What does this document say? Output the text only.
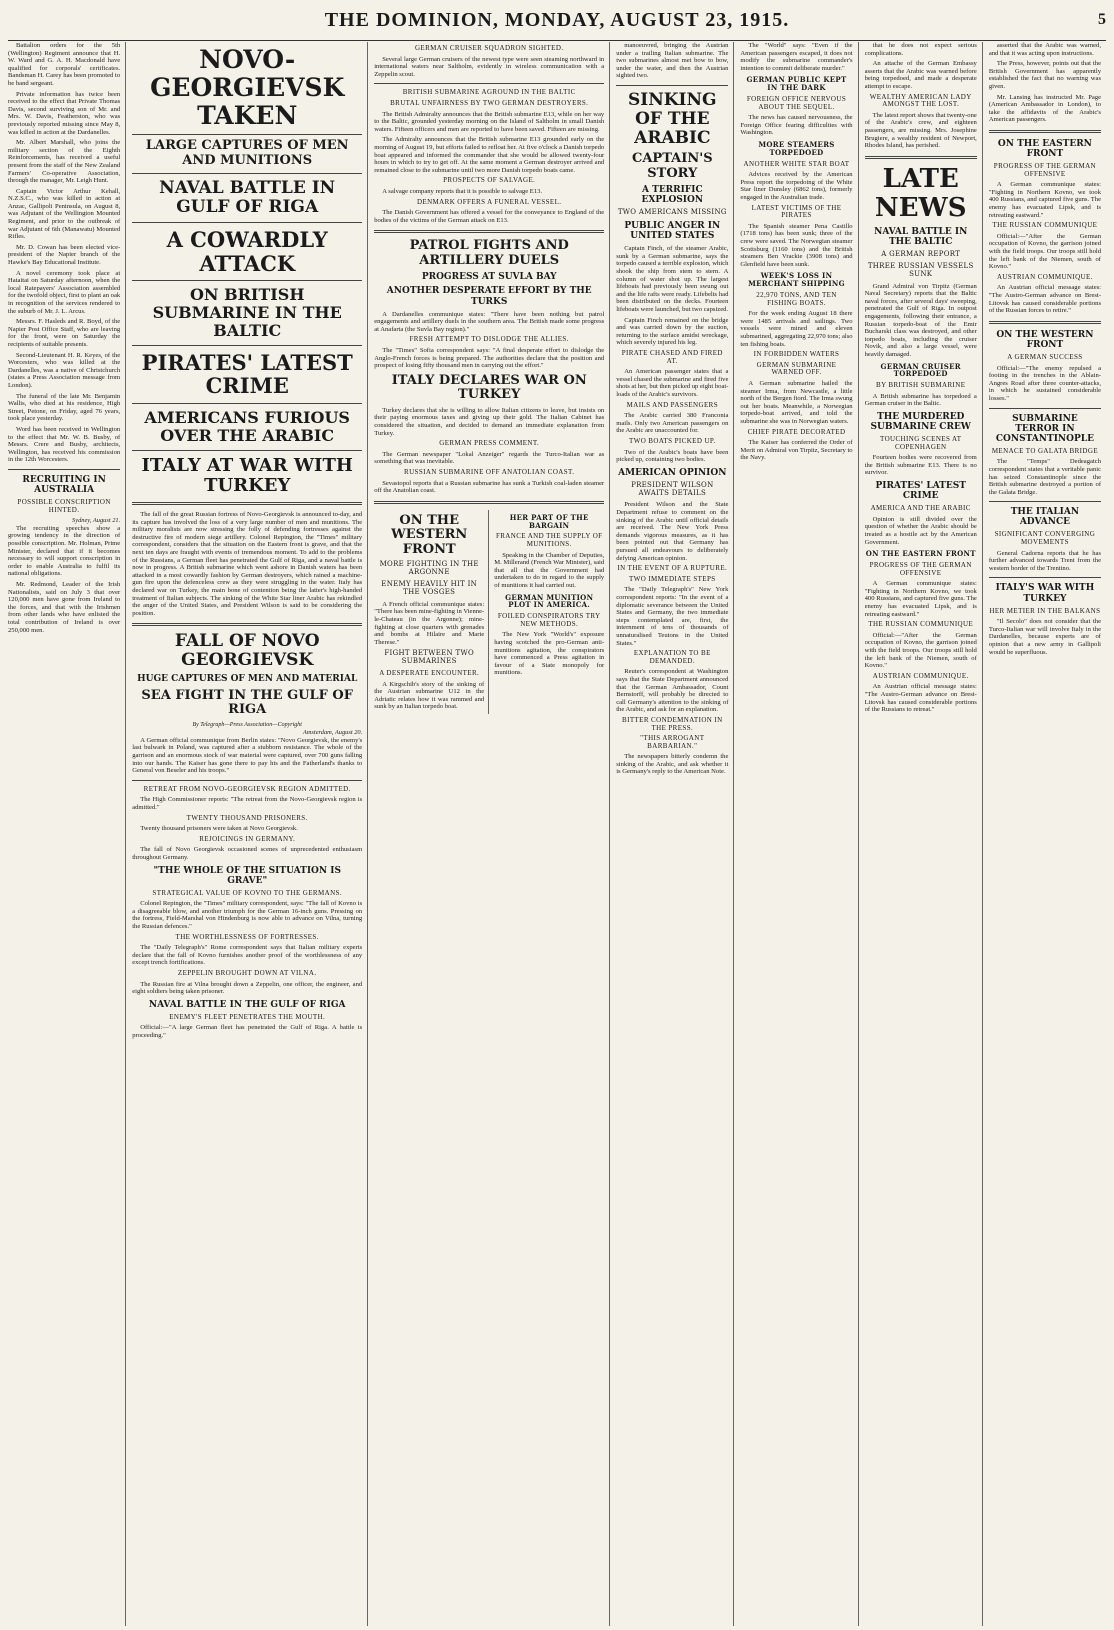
THE DOMINION, MONDAY, AUGUST 23, 1915.	5

Battalion orders for the 5th (Wellington) Regiment announce that H. W. Ward and G. A. H. Macdonald have qualified for corporals' certificates. Bandsman H. Carey has been promoted to be band sergeant.

Private information has twice been received to the effect that Private Thomas Davis, second surviving son of Mr. and Mrs. W. Davis, Featherston, who was previously reported missing since May 8, was killed in action at the Dardanelles.

Mr. Albert Marshall, who joins the military section of the Eighth Reinforcements, has received a useful present from the staff of the New Zealand Farmers' Co-operative Association, through the manager, Mr. Leigh Hunt.

Captain Victor Arthur Kehall, N.Z.S.C., who was killed in action at Anzac, Gallipoli Peninsula, on August 8, was Adjutant of the Wellington Mounted Regiment, and prior to the outbreak of war Adjutant of 6th (Manawatu) Mounted Rifles.

Mr. D. Cowan has been elected vice-president of the Napier branch of the Hawke's Bay Educational Institute.

A novel ceremony took place at Hataitai on Saturday afternoon, when the local Ratepayers' Association assembled for the twofold object, first to plant an oak in recognition of the services rendered to the suburb of Mr. J. L. Arcus.

Messrs. F. Hasleds and R. Boyd, of the Napier Post Office Staff, who are leaving for the front, were on Saturday the recipients of suitable presents.

Second-Lieutenant H. R. Keyes, of the Worcesters, who was killed at the Dardanelles, was a native of Christchurch (states a Press Association message from London).

The funeral of the late Mr. Benjamin Wallis, who died at his residence, High Street, Petone, on Friday, aged 76 years, took place yesterday.

Word has been received in Wellington to the effect that Mr. W. B. Busby, of Messrs. Crere and Busby, architects, Wellington, has received his commission in the 12th Worcesters.

RECRUITING IN AUSTRALIA
POSSIBLE CONSCRIPTION HINTED.
Sydney, August 21.

The recruiting speeches show a growing tendency in the direction of possible conscription. Mr. Holman, Prime Minister, declared that if it becomes necessary to will support conscription in order to enable Australia to fulfil its national obligations.

Mr. Redmond, Leader of the Irish Nationalists, said on July 3 that over 120,000 men have gone from Ireland to the forces, and that with the Irishmen from other lands who have enlisted the total contribution of Ireland is over 250,000 men.

NOVO-GEORGIEVSK TAKEN
LARGE CAPTURES OF MEN AND MUNITIONS
NAVAL BATTLE IN GULF OF RIGA
A COWARDLY ATTACK
ON BRITISH SUBMARINE IN THE BALTIC
PIRATES' LATEST CRIME
AMERICANS FURIOUS OVER THE ARABIC
ITALY AT WAR WITH TURKEY

The fall of the great Russian fortress of Novo-Georgievsk is announced to-day, and its capture has involved the loss of a very large number of men and munitions. The military moralists are now stressing the folly of defending fortresses against the destructive fire of modern siege artillery. Colonel Repington, the "Times" military correspondent, considers that the situation on the Eastern front is grave, and that the next ten days are fraught with events of tremendous moment. To add to the problems of the Russians, a German fleet has penetrated the Gulf of Riga, and a naval battle is now in progress. A British submarine which went ashore in Danish waters has been attacked in a most cowardly fashion by German destroyers, which rained a machine-gun fire upon the defenceless crew as they were struggling in the water. Italy has declared war on Turkey, the main bone of contention being the latter's high-handed treatment of Italian subjects. The sinking of the White Star liner Arabic has rekindled the anger of the United States, and President Wilson is said to be considering the position.

FALL OF NOVO GEORGIEVSK
HUGE CAPTURES OF MEN AND MATERIAL
SEA FIGHT IN THE GULF OF RIGA
By Telegraph—Press Association—Copyright
Amsterdam, August 20.

A German official communique from Berlin states: "Novo Georgievsk, the enemy's last bulwark in Poland, was captured after a stubborn resistance. The whole of the garrison and an enormous stock of war material were captured, over 700 guns falling into our hands. The Kaiser has gone there to pay his and the Fatherland's thanks to General von Beseler and his troops."

RETREAT FROM NOVO-GEORGIEVSK REGION ADMITTED.

The High Commissioner reports: "The retreat from the Novo-Georgievsk region is admitted."

TWENTY THOUSAND PRISONERS.

Twenty thousand prisoners were taken at Novo Georgievsk.

REJOICINGS IN GERMANY.

The fall of Novo Georgievsk occasioned scenes of unprecedented enthusiasm throughout Germany.

"THE WHOLE OF THE SITUATION IS GRAVE"
STRATEGICAL VALUE OF KOVNO TO THE GERMANS.

Colonel Repington, the "Times" military correspondent, says: "The fall of Kovno is a disagreeable blow, and another triumph for the German 16-inch guns. Pressing on the fortress, Field-Marshal von Hindenburg is now able to advance on Vilna, turning the Russian defences."

THE WORTHLESSNESS OF FORTRESSES.

The "Daily Telegraph's" Rome correspondent says that Italian military experts declare that the fall of Kovno furnishes another proof of the worthlessness of any except trench fortifications.

ZEPPELIN BROUGHT DOWN AT VILNA.

The Russian fire at Vilna brought down a Zeppelin, one officer, the engineer, and eight soldiers being taken prisoner.

NAVAL BATTLE IN THE GULF OF RIGA
ENEMY'S FLEET PENETRATES THE MOUTH.

Official:—"A large German fleet has penetrated the Gulf of Riga. A battle is proceeding."

GERMAN CRUISER SQUADRON SIGHTED.

Several large German cruisers of the newest type were seen steaming northward in international waters near Saltholm, evidently in wireless communication with a Zeppelin scout.

BRITISH SUBMARINE AGROUND IN THE BALTIC
BRUTAL UNFAIRNESS BY TWO GERMAN DESTROYERS.

The British Admiralty announces that the British submarine E13, while on her way to the Baltic, grounded yesterday morning on the Island of Saltholm in small Danish waters. Fifteen officers and men are reported to have been saved. Fifteen are missing.

The Admiralty announces that the British submarine E13 grounded early on the morning of August 19, but efforts failed to refloat her. At five o'clock a Danish torpedo boat appeared and informed the commander that she would be allowed twenty-four hours in which to try to get off. At the same moment a German destroyer arrived and remained close to the submarine until two more Danish torpedo boats came.

PROSPECTS OF SALVAGE.

A salvage company reports that it is possible to salvage E13.

DENMARK OFFERS A FUNERAL VESSEL.

The Danish Government has offered a vessel for the conveyance to England of the bodies of the victims of the German attack on E13.

PATROL FIGHTS AND ARTILLERY DUELS
PROGRESS AT SUVLA BAY
ANOTHER DESPERATE EFFORT BY THE TURKS

A Dardanelles communique states: "There have been nothing but patrol engagements and artillery duels in the southern area. The British made some progress at Anafarta (the Suvla Bay region)."

FRESH ATTEMPT TO DISLODGE THE ALLIES.

The "Times" Sofia correspondent says: "A final desperate effort to dislodge the Anglo-French forces is being prepared. The authorities declare that the position and prospect of losing fifty thousand men in carrying out the effort."

ITALY DECLARES WAR ON TURKEY

Turkey declares that she is willing to allow Italian citizens to leave, but insists on their paying enormous taxes and giving up their gold. The Italian Cabinet has considered the situation, and decided to demand an immediate explanation from Turkey.

GERMAN PRESS COMMENT.

The German newspaper "Lokal Anzeiger" regards the Turco-Italian war as something that was inevitable.

RUSSIAN SUBMARINE OFF ANATOLIAN COAST.

Sevastopol reports that a Russian submarine has sunk a Turkish coal-laden steamer off the Anatolian coast.

ON THE WESTERN FRONT
MORE FIGHTING IN THE ARGONNE
ENEMY HEAVILY HIT IN THE VOSGES

A French official communique states: "There has been mine-fighting in Vienne-le-Chateau (in the Argonne); mine-fighting at close quarters with grenades and bombs at Hilaire and Marie Therese."

FIGHT BETWEEN TWO SUBMARINES
A DESPERATE ENCOUNTER.

A Kirgschib's story of the sinking of the Austrian submarine U12 in the Adriatic relates how it was rammed and sunk by an Italian torpedo boat.

HER PART OF THE BARGAIN
FRANCE AND THE SUPPLY OF MUNITIONS.

Speaking in the Chamber of Deputies, M. Millerand (French War Minister), said that all that the Government had undertaken to do in regard to the supply of munitions it had carried out.

GERMAN MUNITION PLOT IN AMERICA.
FOILED CONSPIRATORS TRY NEW METHODS.

The New York "World's" exposure having scotched the pro-German anti-munitions agitation, the conspirators have commenced a Press agitation in favour of a State monopoly for munitions.

manoeuvred, bringing the Austrian under a trailing Italian submarine. The two submarines almost met bow to bow, under the water, and then the Austrian sighted two.

SINKING OF THE ARABIC
CAPTAIN'S STORY
A TERRIFIC EXPLOSION
TWO AMERICANS MISSING
PUBLIC ANGER IN UNITED STATES

Captain Finch, of the steamer Arabic, sunk by a German submarine, says the torpedo caused a terrible explosion, which shook the ship from stem to stern. A column of water shot up. The largest lifeboats had previously been swung out and the life rafts were ready. Lifebelts had been distributed on the decks. Fourteen lifeboats were launched, but two capsized.

Captain Finch remained on the bridge and was carried down by the suction, returning to the surface amidst wreckage, which severely injured his leg.

PIRATE CHASED AND FIRED AT.

An American passenger states that a vessel chased the submarine and fired five shots at her, but then picked up eight boat-loads of the Arabic's survivors.

MAILS AND PASSENGERS

The Arabic carried 380 Franconia mails. Only two American passengers on the Arabic are unaccounted for.

TWO BOATS PICKED UP.

Two of the Arabic's boats have been picked up, containing two bodies.

AMERICAN OPINION
PRESIDENT WILSON AWAITS DETAILS

President Wilson and the State Department refuse to comment on the sinking of the Arabic until official details are received. The New York Press demands vigorous measures, as it has been pointed out that Germany has pursued all endeavours to deliberately defying American opinion.

IN THE EVENT OF A RUPTURE.
TWO IMMEDIATE STEPS

The "Daily Telegraph's" New York correspondent reports: "In the event of a diplomatic severance between the United States and Germany, the two immediate steps contemplated are, first, the internment of tens of thousands of unnaturalised Teutons in the United States."

EXPLANATION TO BE DEMANDED.

Reuter's correspondent at Washington says that the State Department announced that the German Ambassador, Count Bernstorff, will probably be directed to call Germany's attention to the sinking of the Arabic, and ask for an explanation.

BITTER CONDEMNATION IN THE PRESS.
"THIS ARROGANT BARBARIAN."

The newspapers bitterly condemn the sinking of the Arabic, and ask whether it is Germany's reply to the American Note.

The "World" says: "Even if the American passengers escaped, it does not modify the submarine commander's intention to commit deliberate murder."

GERMAN PUBLIC KEPT IN THE DARK
FOREIGN OFFICE NERVOUS ABOUT THE SEQUEL.

The news has caused nervousness, the Foreign Office fearing difficulties with Washington.

MORE STEAMERS TORPEDOED
ANOTHER WHITE STAR BOAT

Advices received by the American Press report the torpedoing of the White Star liner Dunsley (6862 tons), formerly engaged in the Australian trade.

LATEST VICTIMS OF THE PIRATES

The Spanish steamer Pena Castillo (1718 tons) has been sunk; three of the crew were saved. The Norwegian steamer Scottsburg (1160 tons) and the British steamers Ben Vrackie (3908 tons) and Glenfield have been sunk.

WEEK'S LOSS IN MERCHANT SHIPPING
22,970 TONS, AND TEN FISHING BOATS.

For the week ending August 18 there were 1485 arrivals and sailings. Two vessels were mined and eleven submarined, aggregating 22,970 tons; also ten fishing boats.

IN FORBIDDEN WATERS
GERMAN SUBMARINE WARNED OFF.

A German submarine hailed the steamer Irma, from Newcastle, a little north of the Bergen fiord. The Irma swung out her boats. Meanwhile, a Norwegian torpedo-boat arrived, and told the submarine she was in Norwegian waters.

CHIEF PIRATE DECORATED

The Kaiser has conferred the Order of Merit on Admiral von Tirpitz, Secretary to the Navy.

that he does not expect serious complications.

An attache of the German Embassy asserts that the Arabic was warned before being torpedoed, and made a desperate attempt to escape.

WEALTHY AMERICAN LADY AMONGST THE LOST.

The latest report shows that twenty-one of the Arabic's crew, and eighteen passengers, are missing. Mrs. Josephine Brugiere, a wealthy resident of Newport, Rhodes Island, has perished.

LATE NEWS
NAVAL BATTLE IN THE BALTIC
A GERMAN REPORT
THREE RUSSIAN VESSELS SUNK

Grand Admiral von Tirpitz (German Naval Secretary) reports that the Baltic naval forces, after several days' sweeping, penetrated the Gulf of Riga. In outpost engagements, following their entrance, a Russian torpedo-boat of the Emir Bucharski class was destroyed, and other torpedo boats, including the cruiser Novik, and also a large vessel, were heavily damaged.

GERMAN CRUISER TORPEDOED
BY BRITISH SUBMARINE

A British submarine has torpedoed a German cruiser in the Baltic.

THE MURDERED SUBMARINE CREW
TOUCHING SCENES AT COPENHAGEN

Fourteen bodies were recovered from the British submarine E13. There is no survivor.

PIRATES' LATEST CRIME
AMERICA AND THE ARABIC

Opinion is still divided over the question of whether the Arabic should be treated as a hostile act by the American Government.

ON THE EASTERN FRONT
PROGRESS OF THE GERMAN OFFENSIVE

A German communique states: "Fighting in Northern Kovno, we took 400 Russians, and captured five guns. The enemy has evacuated Lipsk, and is retreating eastward."

THE RUSSIAN COMMUNIQUE

Official:—"After the German occupation of Kovno, the garrison joined with the field troops. Our troops still hold the left bank of the Niemen, south of Kovno."

AUSTRIAN COMMUNIQUE.

An Austrian official message states: "The Austro-German advance on Brest-Litovsk has caused considerable portions of the Russians to retreat."

asserted that the Arabic was warned, and that it was acting upon instructions.

The Press, however, points out that the British Government has apparently established the fact that no warning was given.

Mr. Lansing has instructed Mr. Page (American Ambassador in London), to take the affidavits of the Arabic's American passengers.

ON THE EASTERN FRONT
PROGRESS OF THE GERMAN OFFENSIVE

A German communique states: "Fighting in Northern Kovno, we took 400 Russians, and captured five guns. The enemy has evacuated Lipsk, and is retreating eastward."

THE RUSSIAN COMMUNIQUE

Official:—"After the German occupation of Kovno, the garrison joined with the field troops. Our troops still hold the left bank of the Niemen, south of Kovno."

AUSTRIAN COMMUNIQUE.

An Austrian official message states: "The Austro-German advance on Brest-Litovsk has caused considerable portions of the Russian forces to retire."

ON THE WESTERN FRONT
A GERMAN SUCCESS

Official:—"The enemy repulsed a footing in the trenches in the Ablain-Angres Road after three counter-attacks, in which he sustained considerable losses."

SUBMARINE TERROR IN CONSTANTINOPLE
MENACE TO GALATA BRIDGE

The "Temps" Dedeagatch correspondent states that a veritable panic has seized Constantinople since the British submarine destroyed a portion of the Galata Bridge.

THE ITALIAN ADVANCE
SIGNIFICANT CONVERGING MOVEMENTS

General Cadorna reports that he has further advanced towards Trent from the western border of the Trentino.

ITALY'S WAR WITH TURKEY
HER METIER IN THE BALKANS

"Il Secolo" does not consider that the Turco-Italian war will involve Italy in the Dardanelles, because experts are of opinion that a new army in Gallipoli would be superfluous.
